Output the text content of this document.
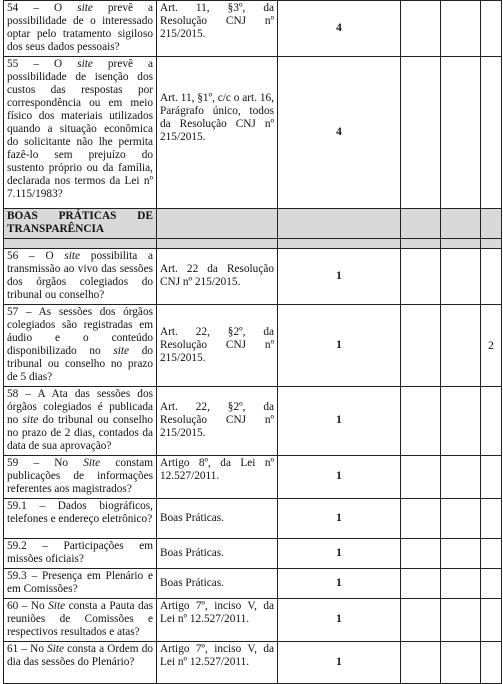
54 – O site prevê a possibilidade de o interessado optar pelo tratamento sigiloso dos seus dados pessoais?	Art. 11, §3º, da Resolução CNJ nº 215/2015.	4			
55 – O site prevê a possibilidade de isenção dos custos das respostas por correspondência ou em meio físico dos materiais utilizados quando a situação econômica do solicitante não lhe permita fazê-lo sem prejuízo do sustento próprio ou da família, declarada nos termos da Lei nº 7.115/1983?	Art. 11, §1º, c/c o art. 16, Parágrafo único, todos da Resolução CNJ nº 215/2015.	4			
BOAS PRÁTICAS DE TRANSPARÊNCIA					

56 – O site possibilita a transmissão ao vivo das sessões dos órgãos colegiados do tribunal ou conselho?	Art. 22 da Resolução CNJ nº 215/2015.	1			
57 – As sessões dos órgãos colegiados são registradas em áudio e o conteúdo disponibilizado no site do tribunal ou conselho no prazo de 5 dias?	Art. 22, §2º, da Resolução CNJ nº 215/2015.	1			2
58 – A Ata das sessões dos órgãos colegiados é publicada no site do tribunal ou conselho no prazo de 2 dias, contados da data de sua aprovação?	Art. 22, §2º, da Resolução CNJ nº 215/2015.	1			
59 – No Site constam publicações de informações referentes aos magistrados?	Artigo 8º, da Lei nº 12.527/2011.	1			
59.1 – Dados biográficos, telefones e endereço eletrônico?	Boas Práticas.	1			
59.2 – Participações em missões oficiais?	Boas Práticas.	1			
59.3 – Presença em Plenário e em Comissões?	Boas Práticas.	1			
60 – No Site consta a Pauta das reuniões de Comissões e respectivos resultados e atas?	Artigo 7º, inciso V, da Lei nº 12.527/2011.	1			
61 – No Site consta a Ordem do dia das sessões do Plenário?	Artigo 7º, inciso V, da Lei nº 12.527/2011.	1			
